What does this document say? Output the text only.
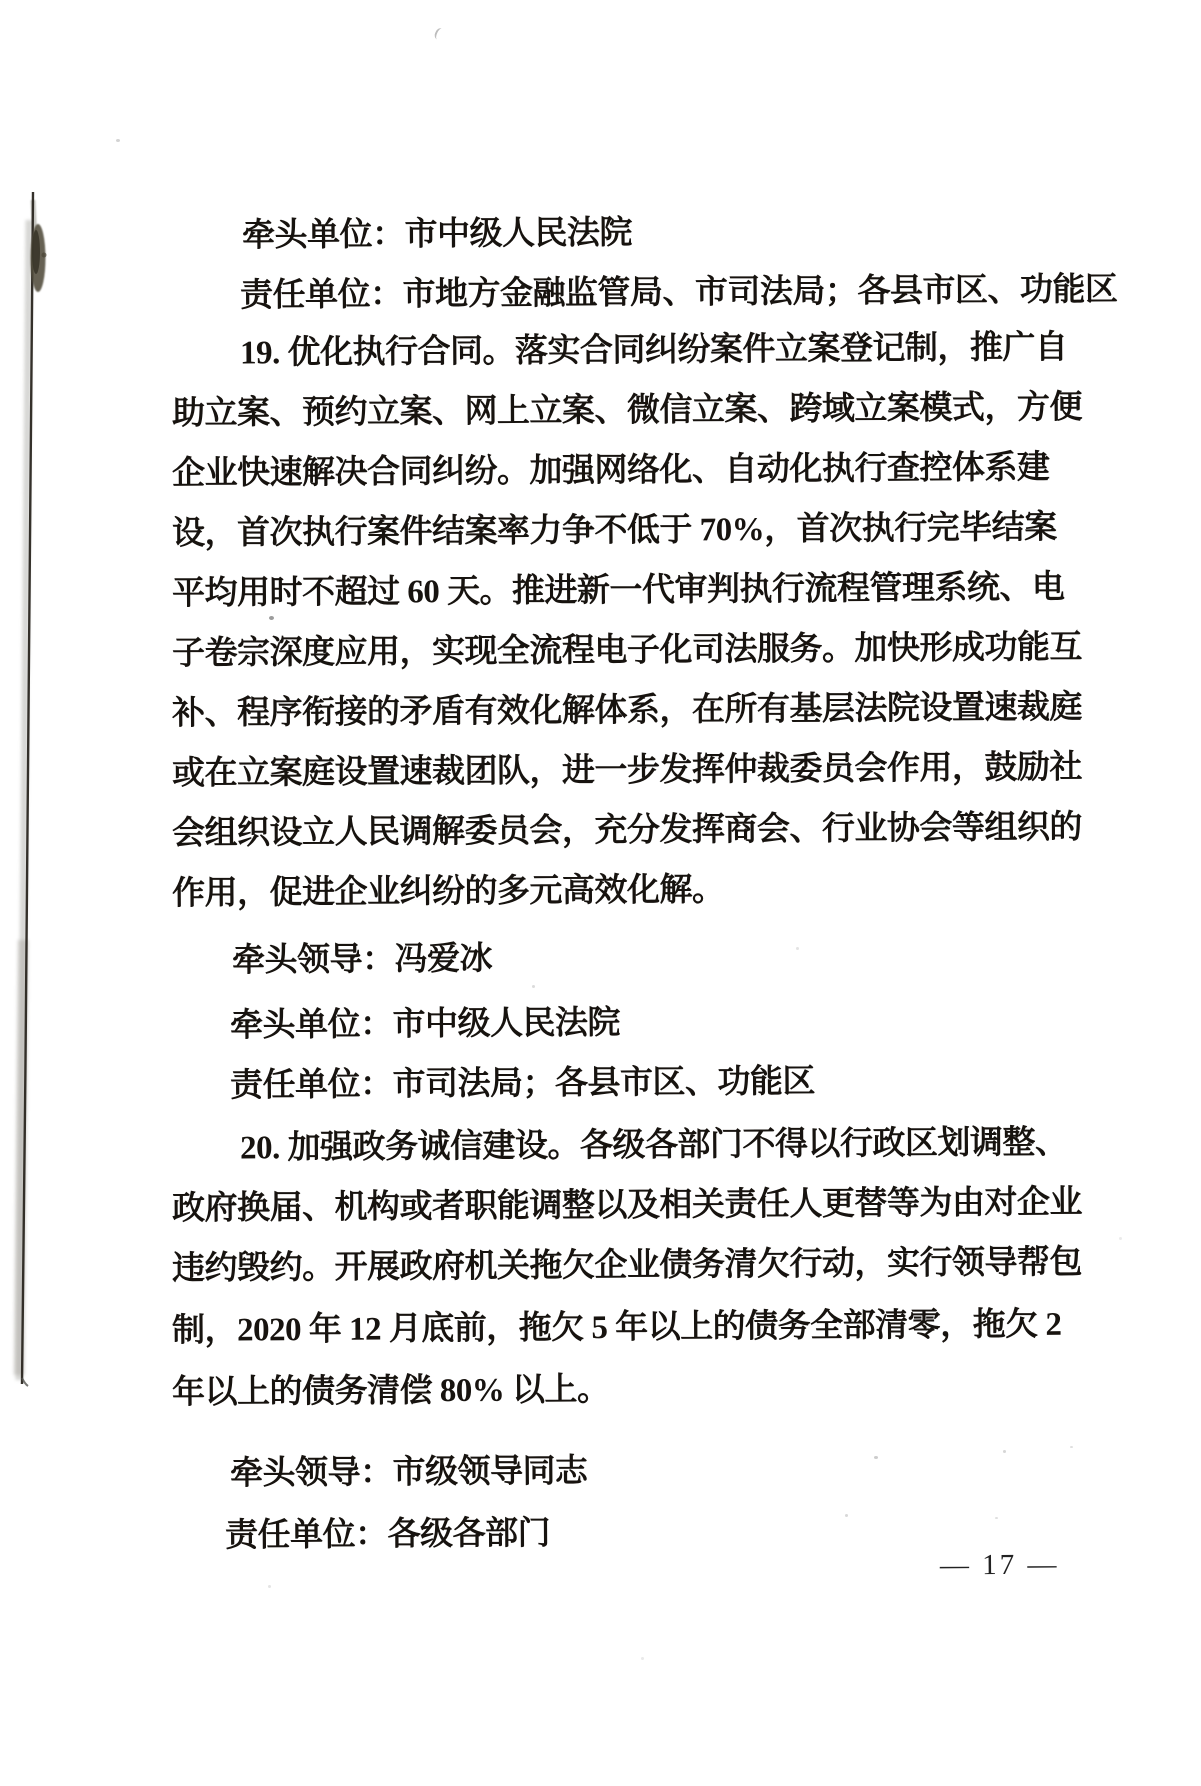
牵头单位：市中级人民法院
责任单位：市地方金融监管局、市司法局；各县市区、功能区
19. 优化执行合同。落实合同纠纷案件立案登记制，推广自
助立案、预约立案、网上立案、微信立案、跨域立案模式，方便
企业快速解决合同纠纷。加强网络化、自动化执行查控体系建
设，首次执行案件结案率力争不低于 70%，首次执行完毕结案
平均用时不超过 60 天。推进新一代审判执行流程管理系统、电
子卷宗深度应用，实现全流程电子化司法服务。加快形成功能互
补、程序衔接的矛盾有效化解体系，在所有基层法院设置速裁庭
或在立案庭设置速裁团队，进一步发挥仲裁委员会作用，鼓励社
会组织设立人民调解委员会，充分发挥商会、行业协会等组织的
作用，促进企业纠纷的多元高效化解。
牵头领导：冯爱冰
牵头单位：市中级人民法院
责任单位：市司法局；各县市区、功能区
20. 加强政务诚信建设。各级各部门不得以行政区划调整、
政府换届、机构或者职能调整以及相关责任人更替等为由对企业
违约毁约。开展政府机关拖欠企业债务清欠行动，实行领导帮包
制，2020 年 12 月底前，拖欠 5 年以上的债务全部清零，拖欠 2
年以上的债务清偿 80% 以上。
牵头领导：市级领导同志
责任单位：各级各部门
— 17 —
